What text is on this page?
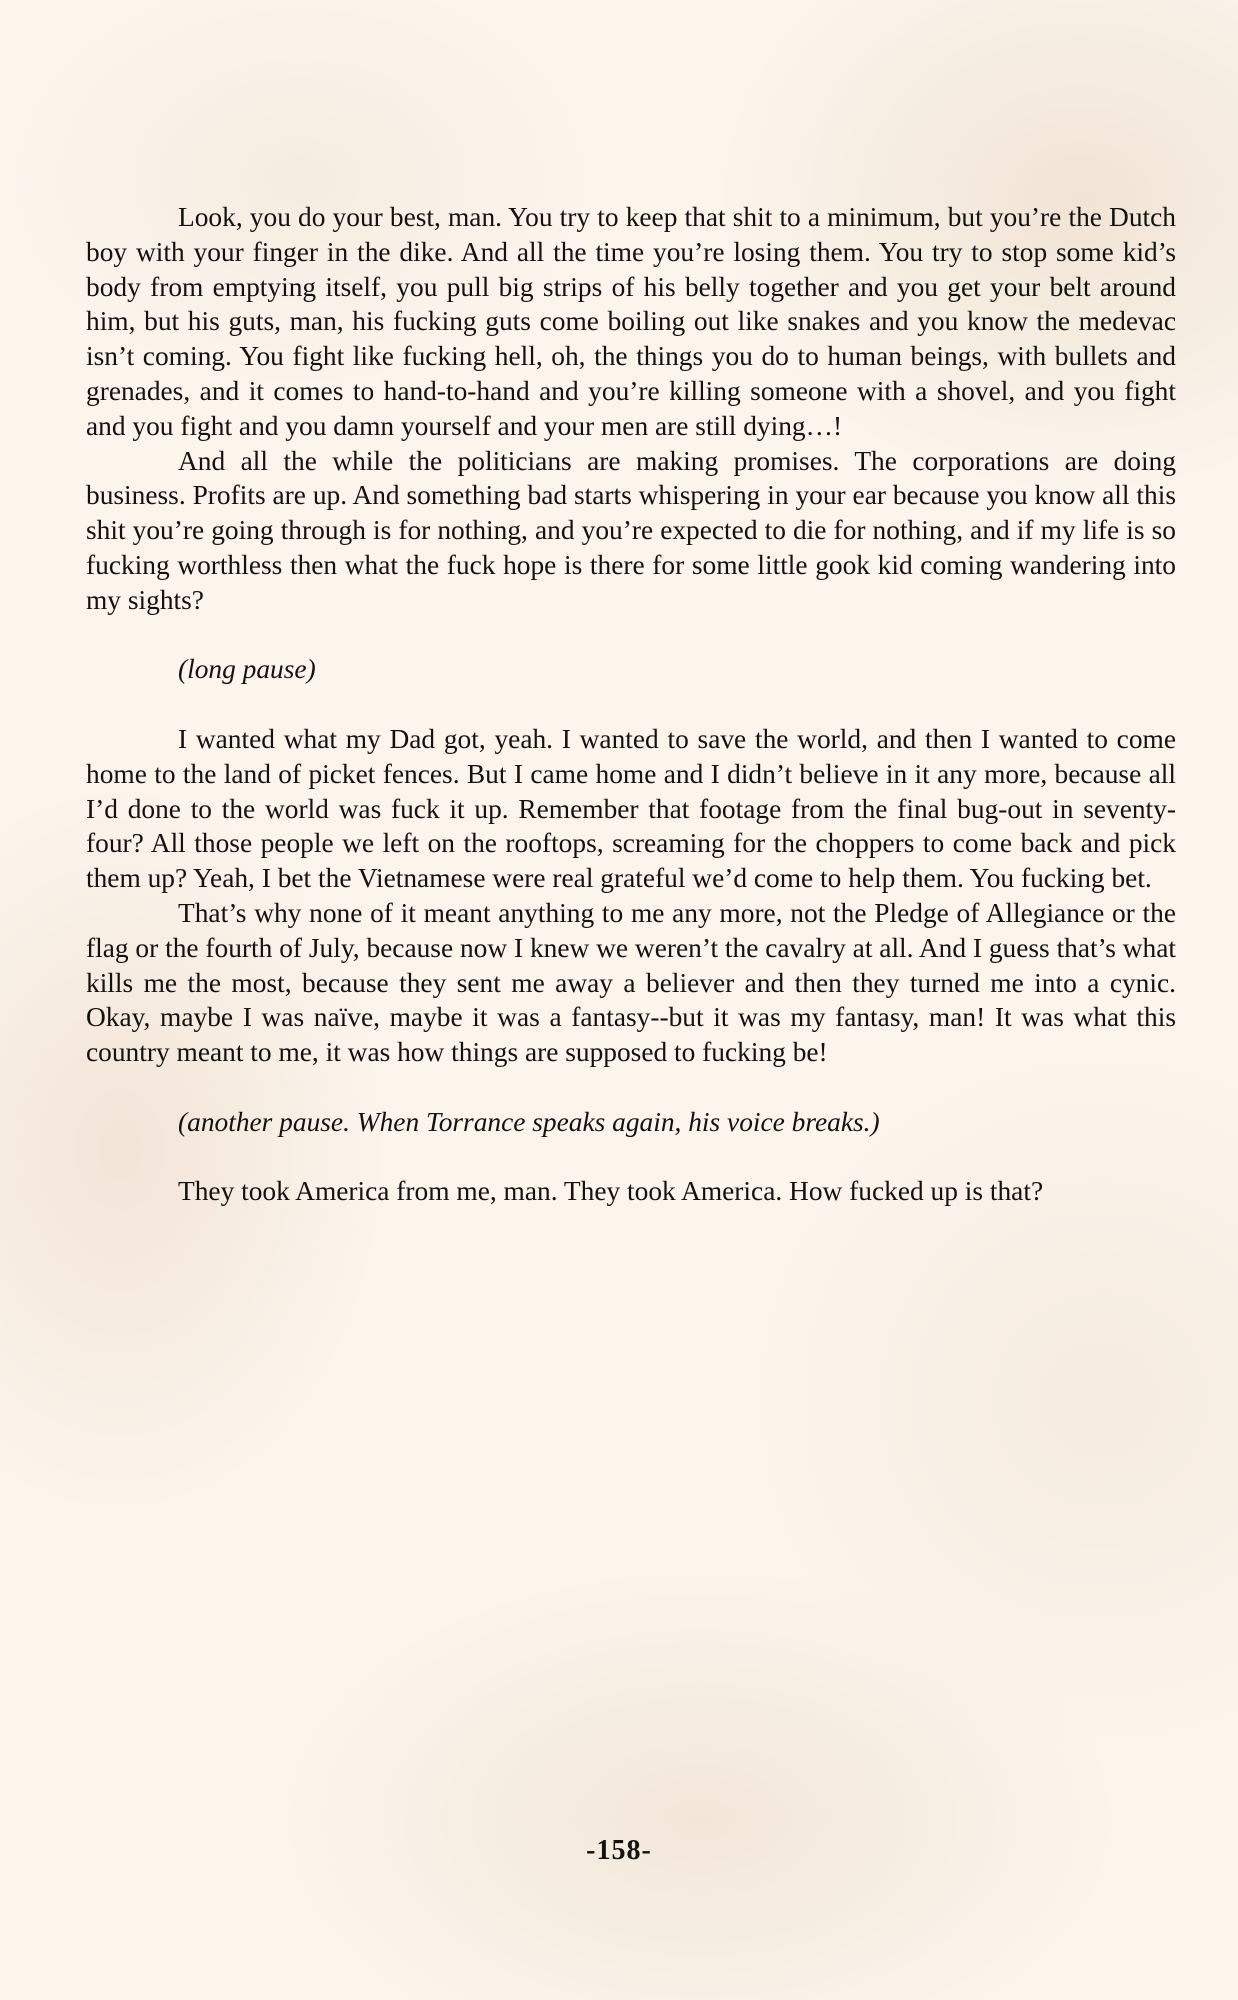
Look, you do your best, man. You try to keep that shit to a minimum, but you’re the Dutch boy with your finger in the dike. And all the time you’re losing them. You try to stop some kid’s body from emptying itself, you pull big strips of his belly together and you get your belt around him, but his guts, man, his fucking guts come boiling out like snakes and you know the medevac isn’t coming. You fight like fucking hell, oh, the things you do to human beings, with bullets and grenades, and it comes to hand-to-hand and you’re killing someone with a shovel, and you fight and you fight and you damn yourself and your men are still dying…!

And all the while the politicians are making promises. The corporations are doing business. Profits are up. And something bad starts whispering in your ear because you know all this shit you’re going through is for nothing, and you’re expected to die for nothing, and if my life is so fucking worthless then what the fuck hope is there for some little gook kid coming wandering into my sights?

(long pause)

I wanted what my Dad got, yeah. I wanted to save the world, and then I wanted to come home to the land of picket fences. But I came home and I didn’t believe in it any more, because all I’d done to the world was fuck it up. Remember that footage from the final bug-out in seventy-four? All those people we left on the rooftops, screaming for the choppers to come back and pick them up? Yeah, I bet the Vietnamese were real grateful we’d come to help them. You fucking bet.

That’s why none of it meant anything to me any more, not the Pledge of Allegiance or the flag or the fourth of July, because now I knew we weren’t the cavalry at all. And I guess that’s what kills me the most, because they sent me away a believer and then they turned me into a cynic. Okay, maybe I was naïve, maybe it was a fantasy--but it was my fantasy, man! It was what this country meant to me, it was how things are supposed to fucking be!

(another pause. When Torrance speaks again, his voice breaks.)

They took America from me, man. They took America. How fucked up is that?

-158-
